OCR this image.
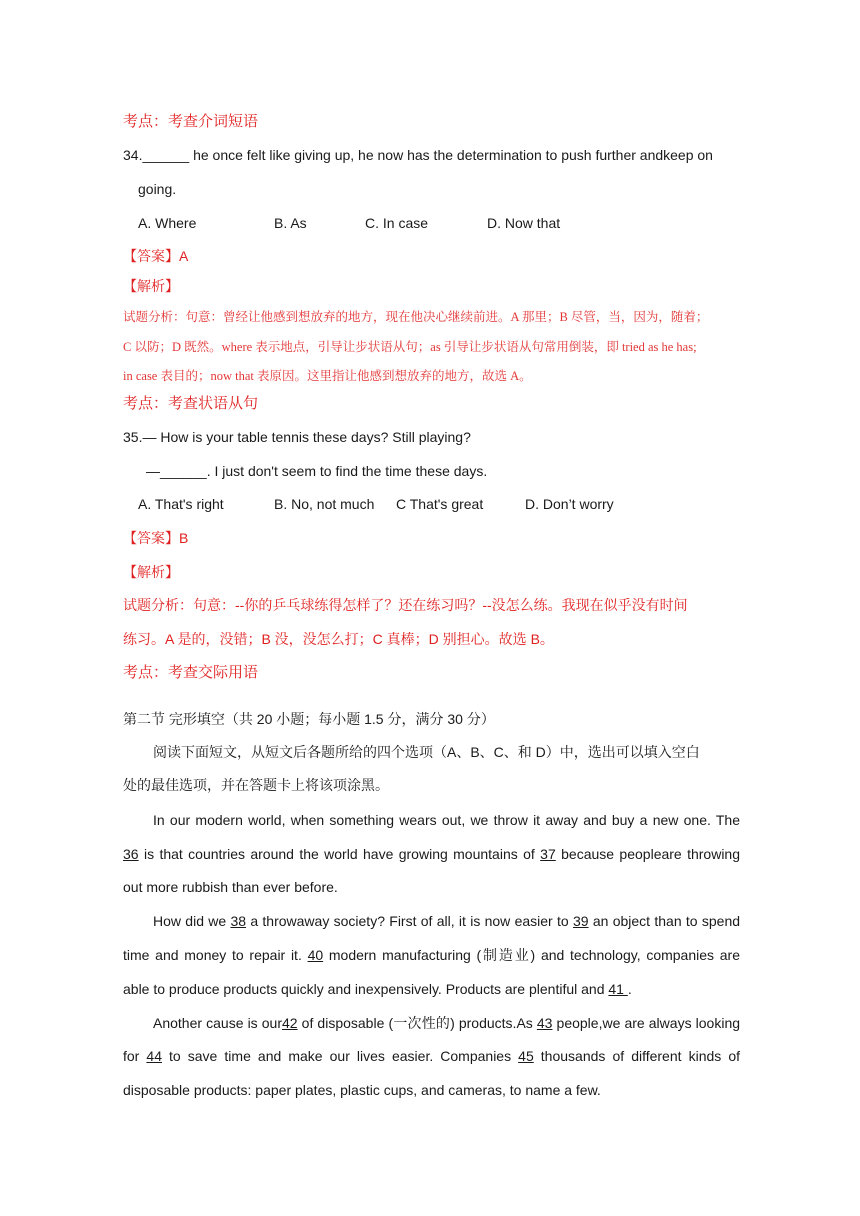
考点：考查介词短语
34.______ he once felt like giving up, he now has the determination to push further andkeep on
going.
A. Where	B. As	C. In case	D. Now that
【答案】A
【解析】
试题分析：句意：曾经让他感到想放弃的地方，现在他决心继续前进。A 那里；B 尽管，当，因为，随着；
C 以防；D 既然。where 表示地点，引导让步状语从句；as 引导让步状语从句常用倒装，即 tried as he has;
in case 表目的；now that 表原因。这里指让他感到想放弃的地方，故选 A。
考点：考查状语从句
35.— How is your table tennis these days? Still playing?
—______. I just don't seem to find the time these days.
A. That's right	B. No, not much C That's great	D. Don’t worry
【答案】B
【解析】
试题分析：句意：--你的乒乓球练得怎样了？还在练习吗？--没怎么练。我现在似乎没有时间
练习。A 是的，没错；B 没，没怎么打；C 真棒；D 别担心。故选 B。
考点：考查交际用语
第二节 完形填空（共 20 小题；每小题 1.5 分，满分 30 分）
阅读下面短文，从短文后各题所给的四个选项（A、B、C、和 D）中，选出可以填入空白
处的最佳选项，并在答题卡上将该项涂黑。
In our modern world, when something wears out, we throw it away and buy a new one. The
36 is that countries around the world have growing mountains of 37 because peopleare throwing
out more rubbish than ever before.
How did we 38 a throwaway society? First of all, it is now easier to 39 an object than to spend
time and money to repair it. 40 modern manufacturing (制造业) and technology, companies are
able to produce products quickly and inexpensively. Products are plentiful and 41 .
Another cause is our42 of disposable (一次性的) products.As 43 people,we are always looking
for 44 to save time and make our lives easier. Companies 45 thousands of different kinds of
disposable products: paper plates, plastic cups, and cameras, to name a few.
